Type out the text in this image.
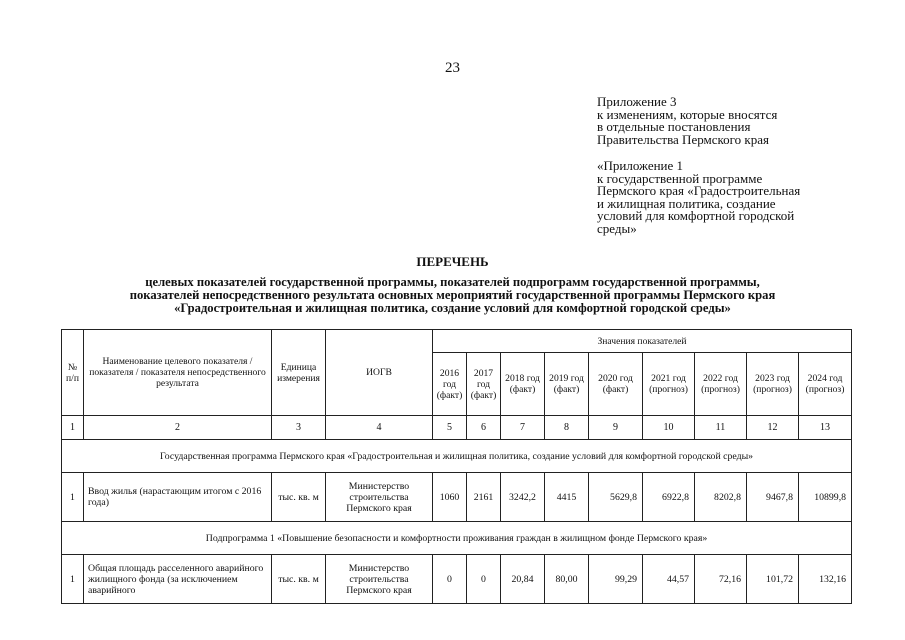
23
Приложение 3
к изменениям, которые вносятся
в отдельные постановления
Правительства Пермского края
«Приложение 1
к государственной программе
Пермского края «Градостроительная
и жилищная политика, создание
условий для комфортной городской
среды»
ПЕРЕЧЕНЬ
целевых показателей государственной программы, показателей подпрограмм государственной программы,
показателей непосредственного результата основных мероприятий государственной программы Пермского края
«Градостроительная и жилищная политика, создание условий для комфортной городской среды»
№ п/п	Наименование целевого показателя / показателя / показателя непосредственного результата	Единица измерения	ИОГВ	Значения показателей								
				2016 год (факт)	2017 год (факт)	2018 год (факт)	2019 год (факт)	2020 год (факт)	2021 год (прогноз)	2022 год (прогноз)	2023 год (прогноз)	2024 год (прогноз)
1	2	3	4	5	6	7	8	9	10	11	12	13
Государственная программа Пермского края «Градостроительная и жилищная политика, создание условий для комфортной городской среды»												
1	Ввод жилья (нарастающим итогом с 2016 года)	тыс. кв. м	Министерство строительства Пермского края	1060	2161	3242,2	4415	5629,8	6922,8	8202,8	9467,8	10899,8
Подпрограмма 1 «Повышение безопасности и комфортности проживания граждан в жилищном фонде Пермского края»												
1	Общая площадь расселенного аварийного жилищного фонда (за исключением аварийного	тыс. кв. м	Министерство строительства Пермского края	0	0	20,84	80,00	99,29	44,57	72,16	101,72	132,16
